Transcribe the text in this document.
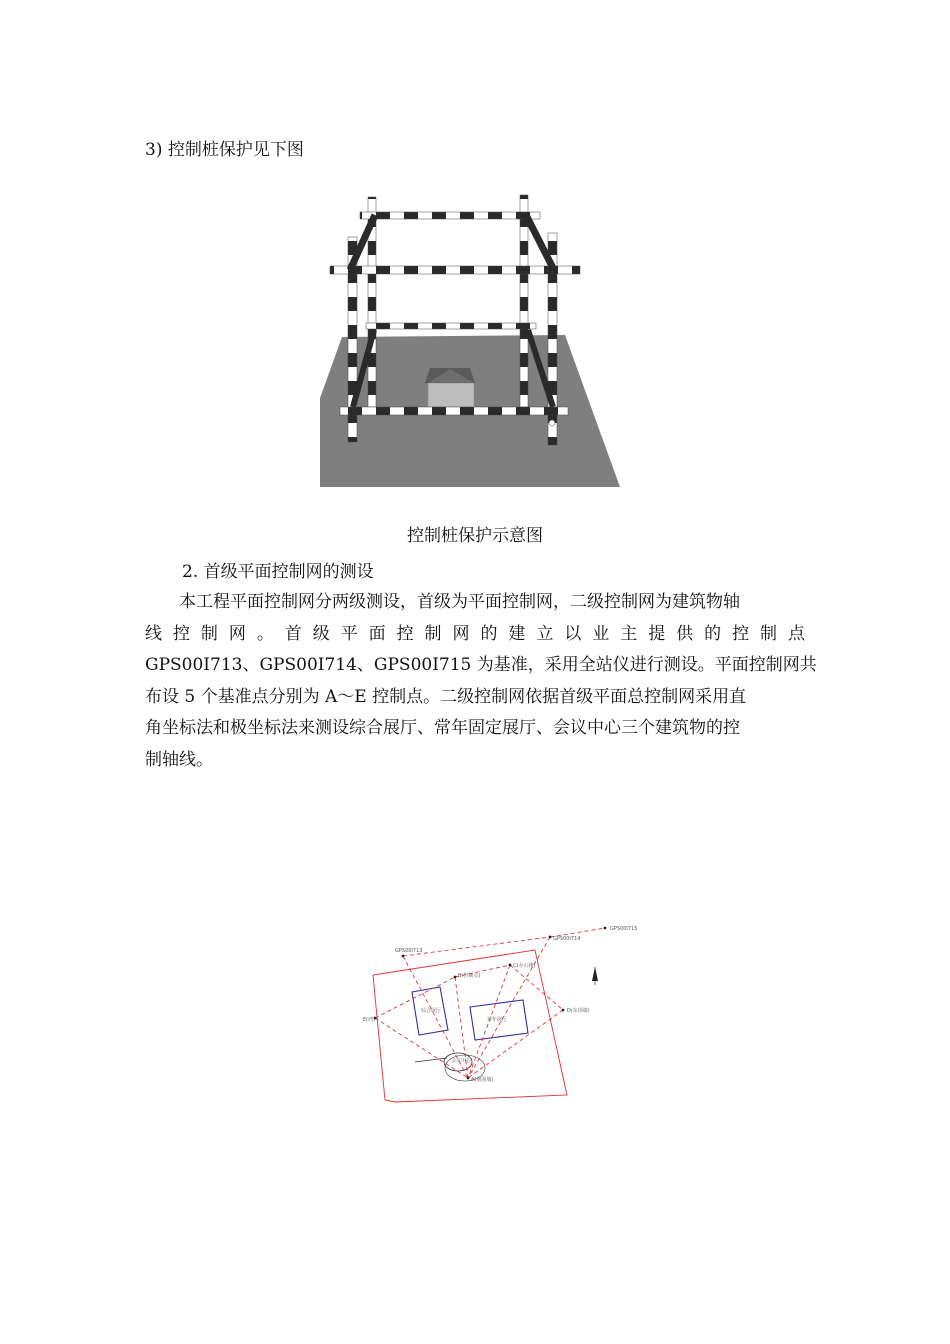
3) 控制桩保护见下图
控制桩保护示意图
2. 首级平面控制网的测设
本工程平面控制网分两级测设，首级为平面控制网，二级控制网为建筑物轴
线 控 制 网 。 首 级 平 面 控 制 网 的 建 立 以 业 主 提 供 的 控 制 点
GPS00I713、GPS00I714、GPS00I715 为基准，采用全站仪进行测设。平面控制网共
布设 5 个基准点分别为 A～E 控制点。二级控制网依据首级平面总控制网采用直
角坐标法和极坐标法来测设综合展厅、常年固定展厅、会议中心三个建筑物的控
制轴线。
GPS00I713
GPS00I714
GPS00I715
B(控制点)
C(办公楼)
D(东围墙)
A(南围墙)
E(西)
综合展厅
常年展厅
会议中心
